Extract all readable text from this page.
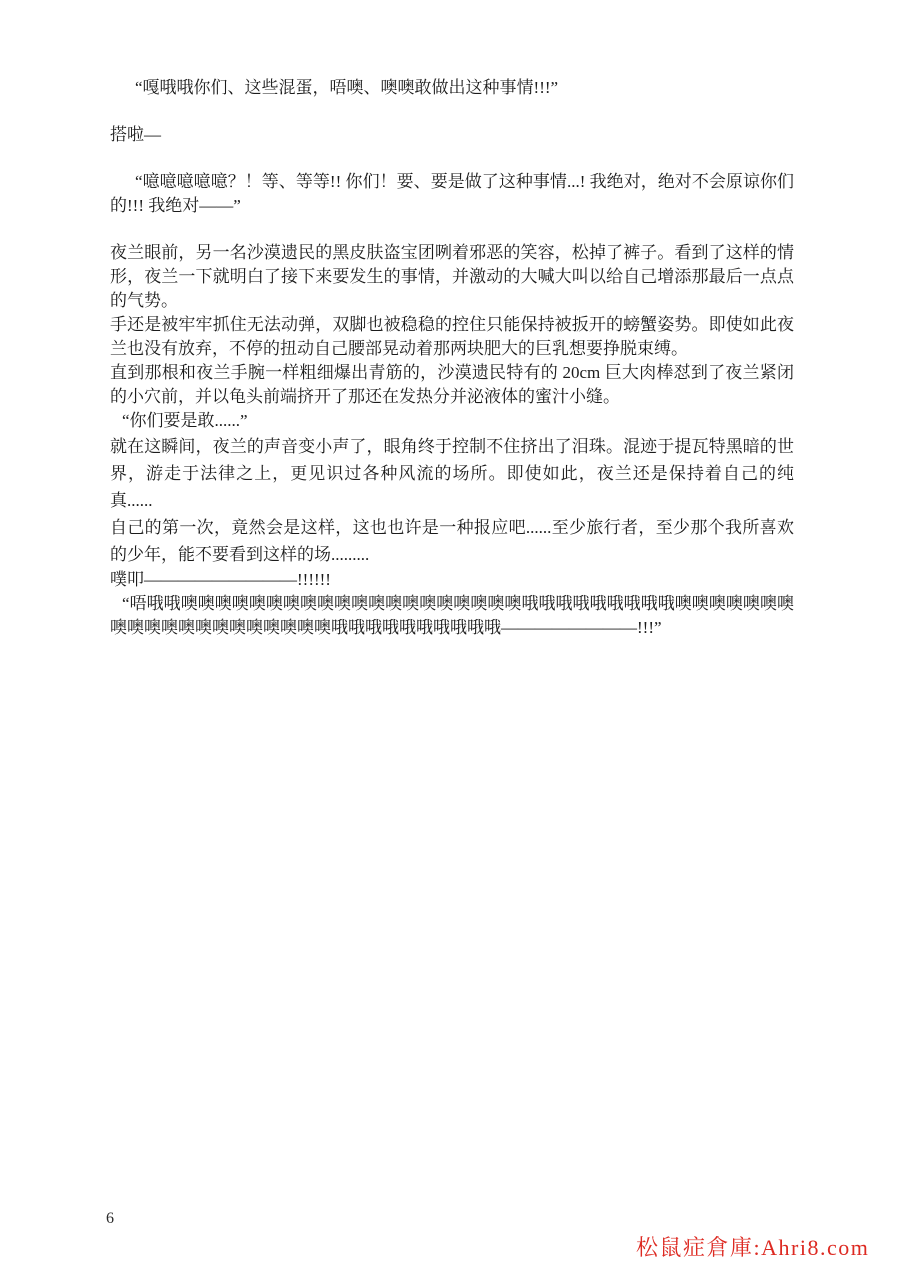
“嘎哦哦你们、这些混蛋，唔噢、噢噢敢做出这种事情!!!”

搭啦—

“噫噫噫噫噫？！等、等等!! 你们！要、要是做了这种事情...! 我绝对，绝对不会原谅你们的!!! 我绝对——”

夜兰眼前，另一名沙漠遗民的黑皮肤盗宝团咧着邪恶的笑容，松掉了裤子。看到了这样的情形，夜兰一下就明白了接下来要发生的事情，并激动的大喊大叫以给自己增添那最后一点点的气势。

手还是被牢牢抓住无法动弹，双脚也被稳稳的控住只能保持被扳开的螃蟹姿势。即使如此夜兰也没有放弃，不停的扭动自己腰部晃动着那两块肥大的巨乳想要挣脱束缚。

直到那根和夜兰手腕一样粗细爆出青筋的，沙漠遗民特有的 20cm 巨大肉棒怼到了夜兰紧闭的小穴前，并以龟头前端挤开了那还在发热分并泌液体的蜜汁小缝。

“你们要是敢......”

就在这瞬间，夜兰的声音变小声了，眼角终于控制不住挤出了泪珠。混迹于提瓦特黑暗的世界，游走于法律之上，更见识过各种风流的场所。即使如此，夜兰还是保持着自己的纯真......

自己的第一次，竟然会是这样，这也也许是一种报应吧......至少旅行者，至少那个我所喜欢的少年，能不要看到这样的场.........

噗叩—————————!!!!!!

“唔哦哦噢噢噢噢噢噢噢噢噢噢噢噢噢噢噢噢噢噢噢噢哦哦哦哦哦哦哦哦哦噢噢噢噢噢噢噢噢噢噢噢噢噢噢噢噢噢噢噢噢哦哦哦哦哦哦哦哦哦哦————————!!!”

6
松鼠症倉庫:Ahri8.com
